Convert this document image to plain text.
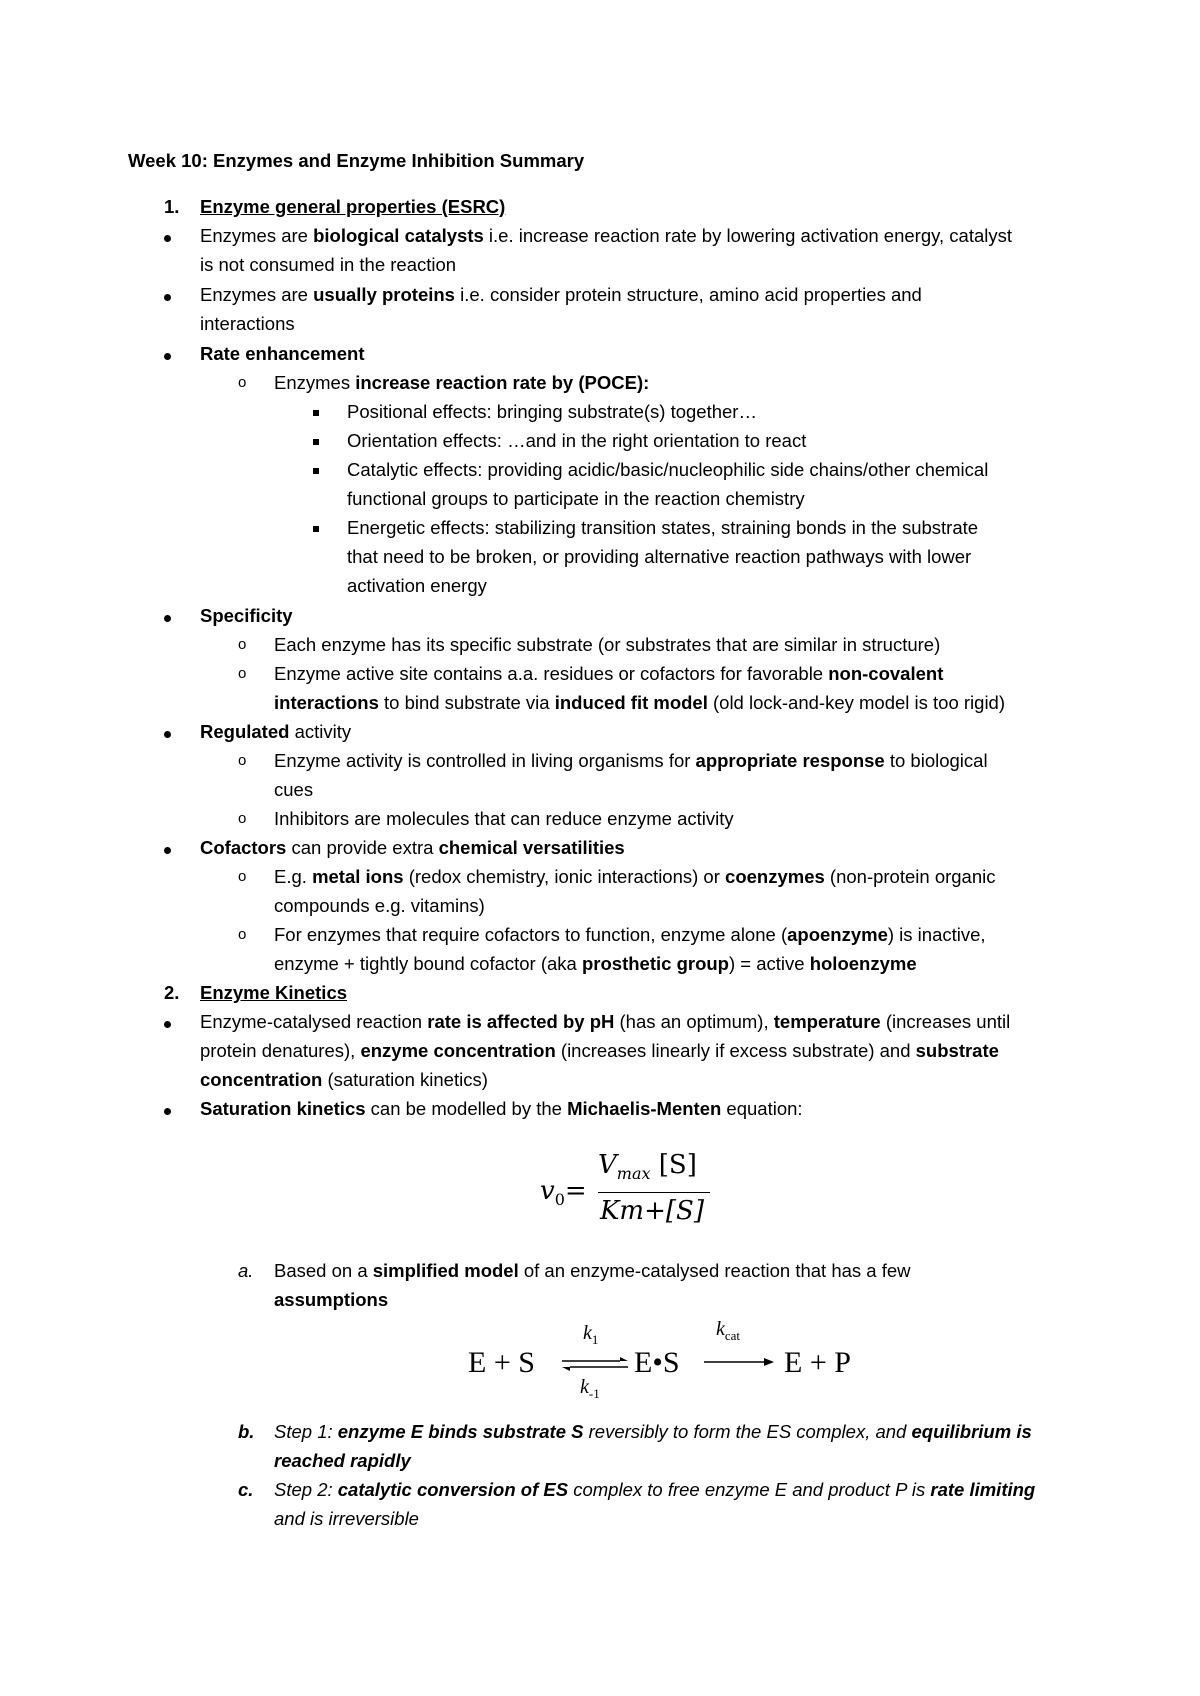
Week 10: Enzymes and Enzyme Inhibition Summary
1. Enzyme general properties (ESRC)
Enzymes are biological catalysts i.e. increase reaction rate by lowering activation energy, catalyst
is not consumed in the reaction
Enzymes are usually proteins i.e. consider protein structure, amino acid properties and
interactions
Rate enhancement
o Enzymes increase reaction rate by (POCE):
Positional effects: bringing substrate(s) together…
Orientation effects: …and in the right orientation to react
Catalytic effects: providing acidic/basic/nucleophilic side chains/other chemical
functional groups to participate in the reaction chemistry
Energetic effects: stabilizing transition states, straining bonds in the substrate
that need to be broken, or providing alternative reaction pathways with lower
activation energy
Specificity
o Each enzyme has its specific substrate (or substrates that are similar in structure)
o Enzyme active site contains a.a. residues or cofactors for favorable non-covalent
interactions to bind substrate via induced fit model (old lock-and-key model is too rigid)
Regulated activity
o Enzyme activity is controlled in living organisms for appropriate response to biological
cues
o Inhibitors are molecules that can reduce enzyme activity
Cofactors can provide extra chemical versatilities
o E.g. metal ions (redox chemistry, ionic interactions) or coenzymes (non-protein organic
compounds e.g. vitamins)
o For enzymes that require cofactors to function, enzyme alone (apoenzyme) is inactive,
enzyme + tightly bound cofactor (aka prosthetic group) = active holoenzyme
2. Enzyme Kinetics
Enzyme-catalysed reaction rate is affected by pH (has an optimum), temperature (increases until
protein denatures), enzyme concentration (increases linearly if excess substrate) and substrate
concentration (saturation kinetics)
Saturation kinetics can be modelled by the Michaelis-Menten equation:
$v_0=$
$V_{max}$ [S]
Km+[S]
a. Based on a simplified model of an enzyme-catalysed reaction that has a few
assumptions
E + S
$k_1$
$k_{-1}$
E•S
$k_{cat}$
E + P
b. Step 1: enzyme E binds substrate S reversibly to form the ES complex, and equilibrium is
reached rapidly
c. Step 2: catalytic conversion of ES complex to free enzyme E and product P is rate limiting
and is irreversible
